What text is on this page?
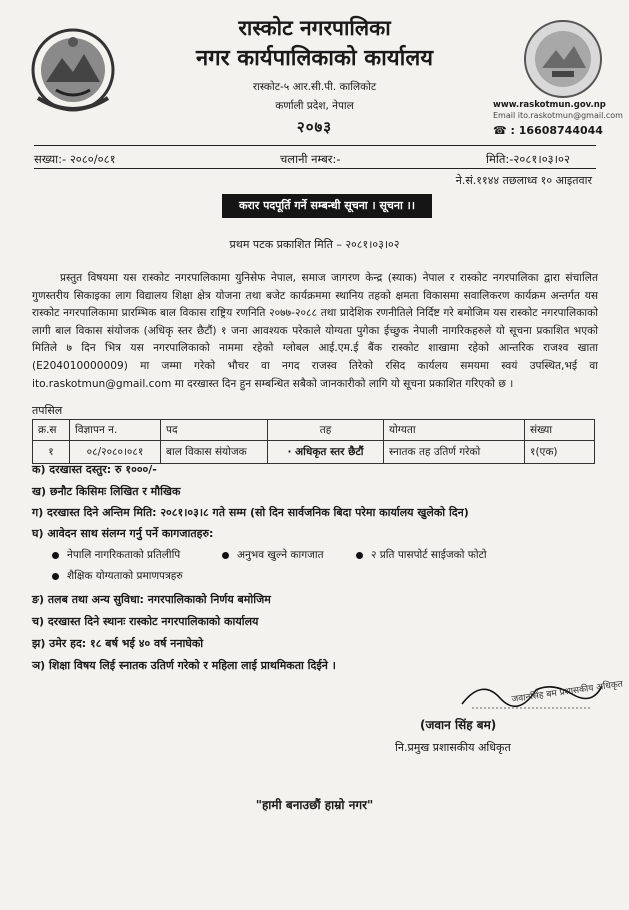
रास्कोट नगरपालिका
नगर कार्यपालिकाको कार्यालय
रास्कोट-५ आर.सी.पी. कालिकोट
कर्णाली प्रदेश, नेपाल
२०७३
www.raskotmun.gov.np
Email ito.raskotmun@gmail.com
☎ : 16608744044
सख्या:- २०८०/०८१	चलानी नम्बर:-	मिति:-२०८१।०३।०२
ने.सं.११४४ तछलाध्व १० आइतवार
करार पदपूर्ति गर्ने सम्बन्धी सूचना । सूचना ।।
प्रथम पटक प्रकाशित मिति – २०८१।०३।०२
प्रस्तुत विषयमा यस रास्कोट नगरपालिकामा युनिसेफ नेपाल, समाज जागरण केन्द्र (स्याक) नेपाल र रास्कोट नगरपालिका द्वारा संचालित गुणस्तरीय सिकाइका लाग विद्यालय शिक्षा क्षेत्र योजना तथा बजेट कार्यक्रममा स्थानिय तहको क्षमता विकासमा सवालिकरण कार्यक्रम अन्तर्गत यस रास्कोट नगरपालिकामा प्रारम्भिक बाल विकास राष्ट्रिय रणनिति २०७७-२०८८ तथा प्रादेशिक रणनीतिले निर्दिष्ट गरे बमोजिम यस रास्कोट नगरपालिकाको लागी बाल विकास संयोजक (अधिकृ स्तर छैटौं) १ जना आवश्यक परेकाले योग्यता पुगेका ईच्छुक नेपाली नागरिकहरुले यो सूचना प्रकाशित भएको मितिले ७ दिन भित्र यस नगरपालिकाको नाममा रहेको ग्लोबल आई.एम.ई बैंक रास्कोट शाखामा रहेको आन्तरिक राजश्व खाता (E204010000009) मा जम्मा गरेको भौचर वा नगद राजस्व तिरेको रसिद कार्यलय समयमा स्वयं उपस्थित,भई वा ito.raskotmun@gmail.com मा दरखास्त दिन हुन सम्बन्धित सबैको जानकारीको लागि यो सूचना प्रकाशित गरिएको छ ।
तपसिल
क्र.स	विज्ञापन न.	पद	तह	योग्यता	संख्या
१	०८/२०८०।०८१	बाल विकास संयोजक	· अधिकृत स्तर छैटौं	स्नातक तह उतिर्ण गरेको	१(एक)
क) दरखास्त दस्तुर: रु १०००/-
ख) छनौट किसिमः लिखित र मौखिक
ग) दरखास्त दिने अन्तिम मिति: २०८१।०३।८ गते सम्म (सो दिन सार्वजनिक बिदा परेमा कार्यालय खुलेको दिन)
घ) आवेदन साथ संलग्न गर्नु पर्ने कागजातहरु:
नेपालि नागरिकताको प्रतिलीपि	अनुभव खुल्ने कागजात	२ प्रति पासपोर्ट साईजको फोटो
शैक्षिक योग्यताको प्रमाणपत्रहरु
ङ) तलब तथा अन्य सुविधा: नगरपालिकाको निर्णय बमोजिम
च) दरखास्त दिने स्थानः रास्कोट नगरपालिकाको कार्यालय
झ) उमेर हद: १८ बर्ष भई ४० वर्ष ननाघेको
ञ) शिक्षा विषय लिई स्नातक उतिर्ण गरेको र महिला लाई प्राथमिकता दिईने ।
जवानसिंह बम प्रशासकीय अधिकृत
(जवान सिंह बम)
नि.प्रमुख प्रशासकीय अधिकृत
"हामी बनाउछौं हाम्रो नगर"
